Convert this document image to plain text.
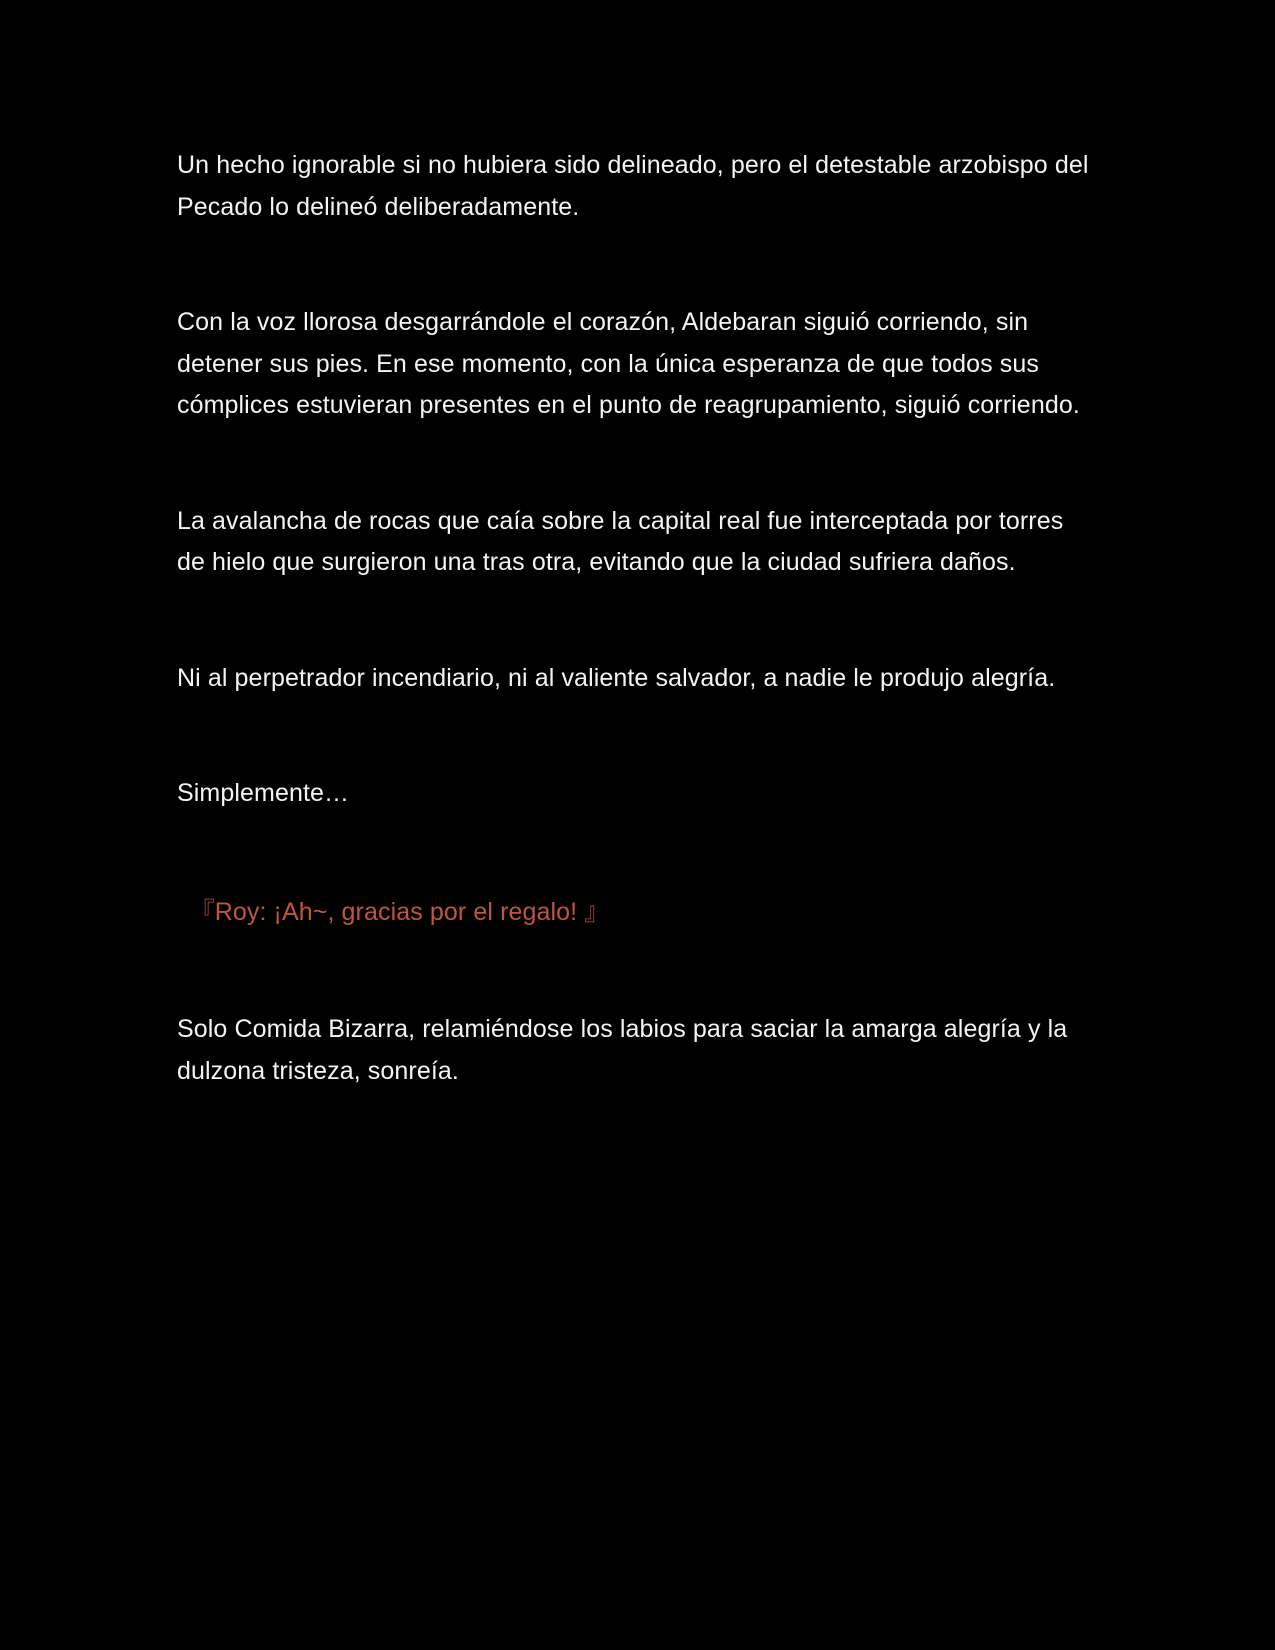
Un hecho ignorable si no hubiera sido delineado, pero el detestable arzobispo del Pecado lo delineó deliberadamente.

Con la voz llorosa desgarrándole el corazón, Aldebaran siguió corriendo, sin detener sus pies. En ese momento, con la única esperanza de que todos sus cómplices estuvieran presentes en el punto de reagrupamiento, siguió corriendo.

La avalancha de rocas que caía sobre la capital real fue interceptada por torres de hielo que surgieron una tras otra, evitando que la ciudad sufriera daños.

Ni al perpetrador incendiario, ni al valiente salvador, a nadie le produjo alegría.

Simplemente…

　『Roy: ¡Ah~, gracias por el regalo! 』

Solo Comida Bizarra, relamiéndose los labios para saciar la amarga alegría y la dulzona tristeza, sonreía.
